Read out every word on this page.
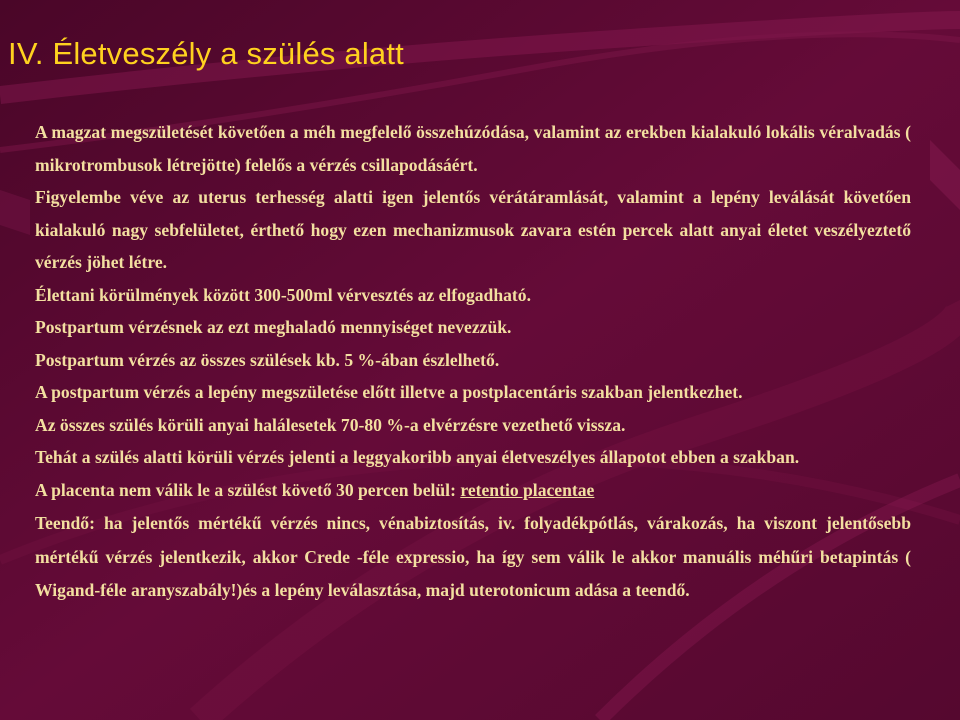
IV. Életveszély a szülés alatt

A magzat megszületését követően a méh megfelelő összehúzódása, valamint az erekben kialakuló lokális véralvadás ( mikrotrombusok létrejötte) felelős a vérzés csillapodásáért.

Figyelembe véve az uterus terhesség alatti igen jelentős vérátáramlását, valamint a lepény leválását követően kialakuló nagy sebfelületet, érthető hogy ezen mechanizmusok zavara estén percek alatt anyai életet veszélyeztető vérzés jöhet létre.

Élettani körülmények között 300-500ml vérvesztés az elfogadható.

Postpartum vérzésnek az ezt meghaladó mennyiséget nevezzük.

Postpartum vérzés az összes szülések kb. 5 %-ában észlelhető.

A postpartum vérzés a lepény megszületése előtt illetve a postplacentáris szakban jelentkezhet.

Az összes szülés körüli anyai halálesetek 70-80 %-a elvérzésre vezethető vissza.

Tehát a szülés alatti körüli vérzés jelenti a leggyakoribb anyai életveszélyes állapotot ebben a szakban.

A placenta nem válik le a szülést követő 30 percen belül: retentio placentae

Teendő: ha jelentős mértékű vérzés nincs, vénabiztosítás, iv. folyadékpótlás, várakozás, ha viszont jelentősebb mértékű vérzés jelentkezik, akkor Crede -féle expressio, ha így sem válik le akkor manuális méhűri betapintás ( Wigand-féle aranyszabály!)és a lepény leválasztása, majd uterotonicum adása a teendő.
